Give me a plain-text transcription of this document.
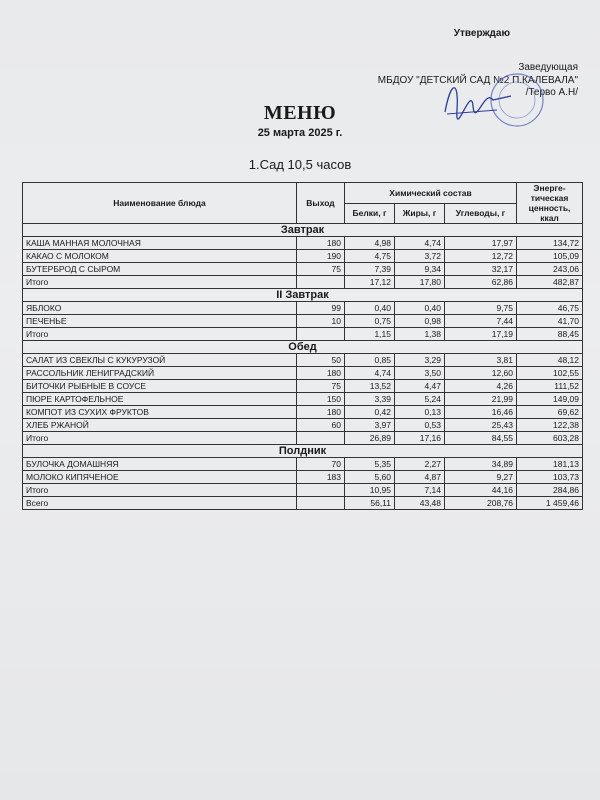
Утверждаю
Заведующая
МБДОУ "ДЕТСКИЙ САД №2 П.КАЛЕВАЛА"
/Терво А.Н/
МЕНЮ
25 марта 2025 г.
1.Сад 10,5 часов
Наименование блюда	Выход	Химический состав			Энерге-тическая ценность, ккал
		Белки, г	Жиры, г	Углеводы, г	
Завтрак					
КАША МАННАЯ МОЛОЧНАЯ	180	4,98	4,74	17,97	134,72
КАКАО С МОЛОКОМ	190	4,75	3,72	12,72	105,09
БУТЕРБРОД С СЫРОМ	75	7,39	9,34	32,17	243,06
Итого		17,12	17,80	62,86	482,87
II Завтрак					
ЯБЛОКО	99	0,40	0,40	9,75	46,75
ПЕЧЕНЬЕ	10	0,75	0,98	7,44	41,70
Итого		1,15	1,38	17,19	88,45
Обед					
САЛАТ ИЗ СВЕКЛЫ С КУКУРУЗОЙ	50	0,85	3,29	3,81	48,12
РАССОЛЬНИК ЛЕНИГРАДСКИЙ	180	4,74	3,50	12,60	102,55
БИТОЧКИ РЫБНЫЕ В СОУСЕ	75	13,52	4,47	4,26	111,52
ПЮРЕ КАРТОФЕЛЬНОЕ	150	3,39	5,24	21,99	149,09
КОМПОТ ИЗ СУХИХ ФРУКТОВ	180	0,42	0,13	16,46	69,62
ХЛЕБ РЖАНОЙ	60	3,97	0,53	25,43	122,38
Итого		26,89	17,16	84,55	603,28
Полдник					
БУЛОЧКА ДОМАШНЯЯ	70	5,35	2,27	34,89	181,13
МОЛОКО КИПЯЧЕНОЕ	183	5,60	4,87	9,27	103,73
Итого		10,95	7,14	44,16	284,86
Всего		56,11	43,48	208,76	1 459,46
